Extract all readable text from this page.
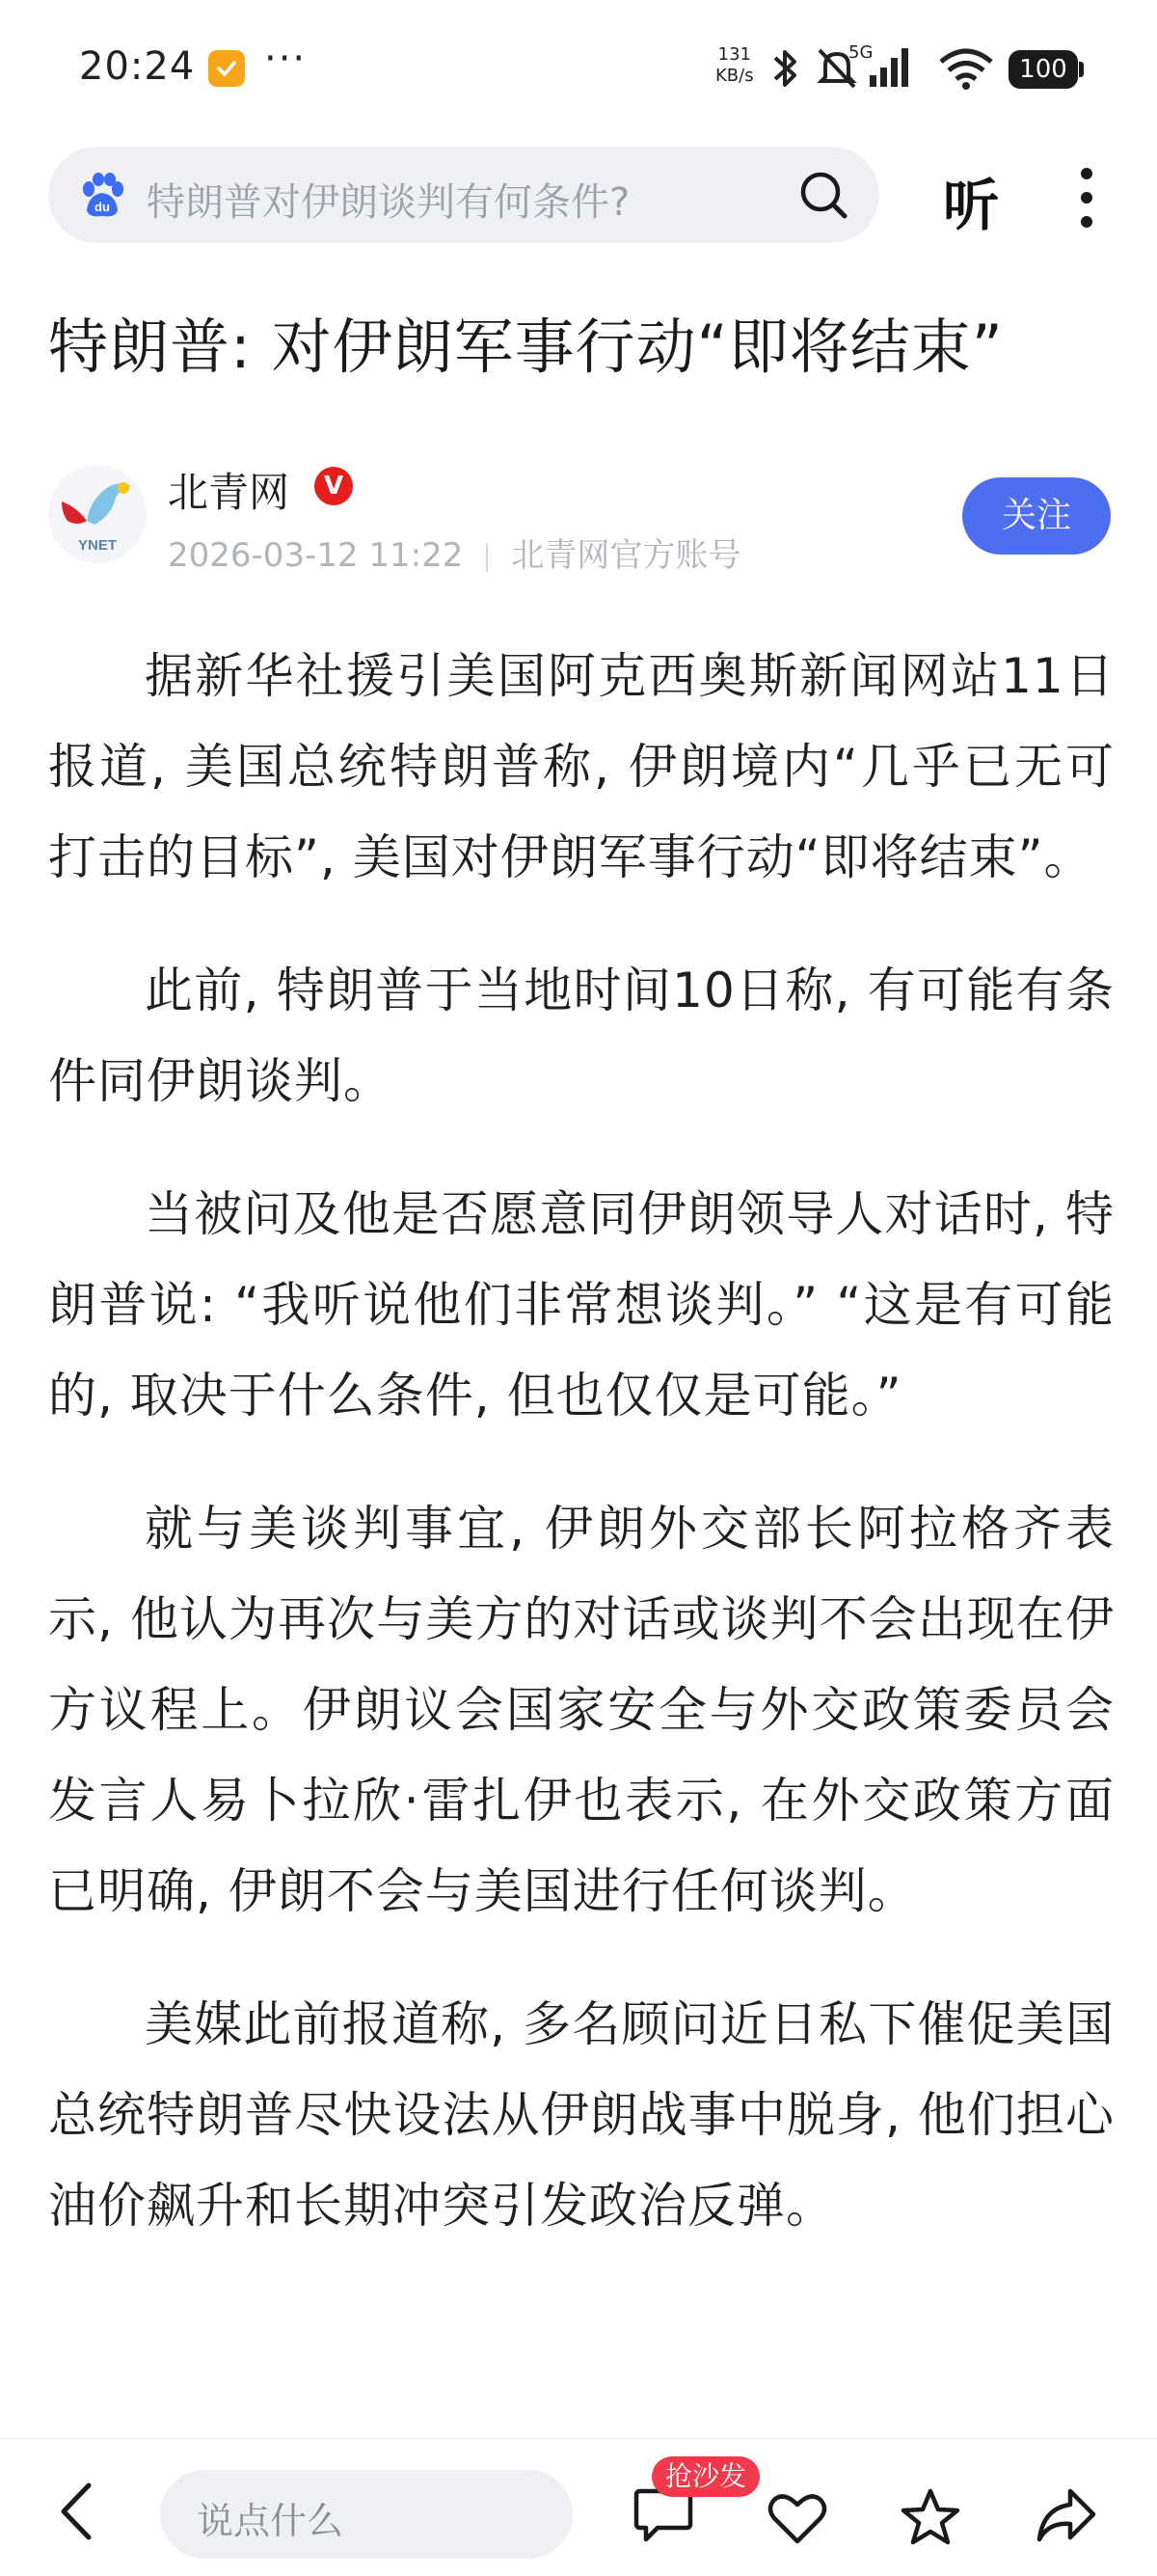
20:24 ···	131
KB/s
5G
100
du 特朗普对伊朗谈判有何条件?	听
特朗普: 对伊朗军事行动“即将结束”
YNET
北青网	V
2026-03-12 11:22 北青网官方账号
关注

据新华社援引美国阿克西奥斯新闻网站11日报道, 美国总统特朗普称, 伊朗境内“几乎已无可打击的目标”, 美国对伊朗军事行动“即将结束”。

此前, 特朗普于当地时间10日称, 有可能有条件同伊朗谈判。

当被问及他是否愿意同伊朗领导人对话时, 特朗普说: “我听说他们非常想谈判。” “这是有可能的, 取决于什么条件, 但也仅仅是可能。”

就与美谈判事宜, 伊朗外交部长阿拉格齐表示, 他认为再次与美方的对话或谈判不会出现在伊方议程上。伊朗议会国家安全与外交政策委员会发言人易卜拉欣·雷扎伊也表示, 在外交政策方面已明确, 伊朗不会与美国进行任何谈判。

美媒此前报道称, 多名顾问近日私下催促美国总统特朗普尽快设法从伊朗战事中脱身, 他们担心油价飙升和长期冲突引发政治反弹。

说点什么
抢沙发
